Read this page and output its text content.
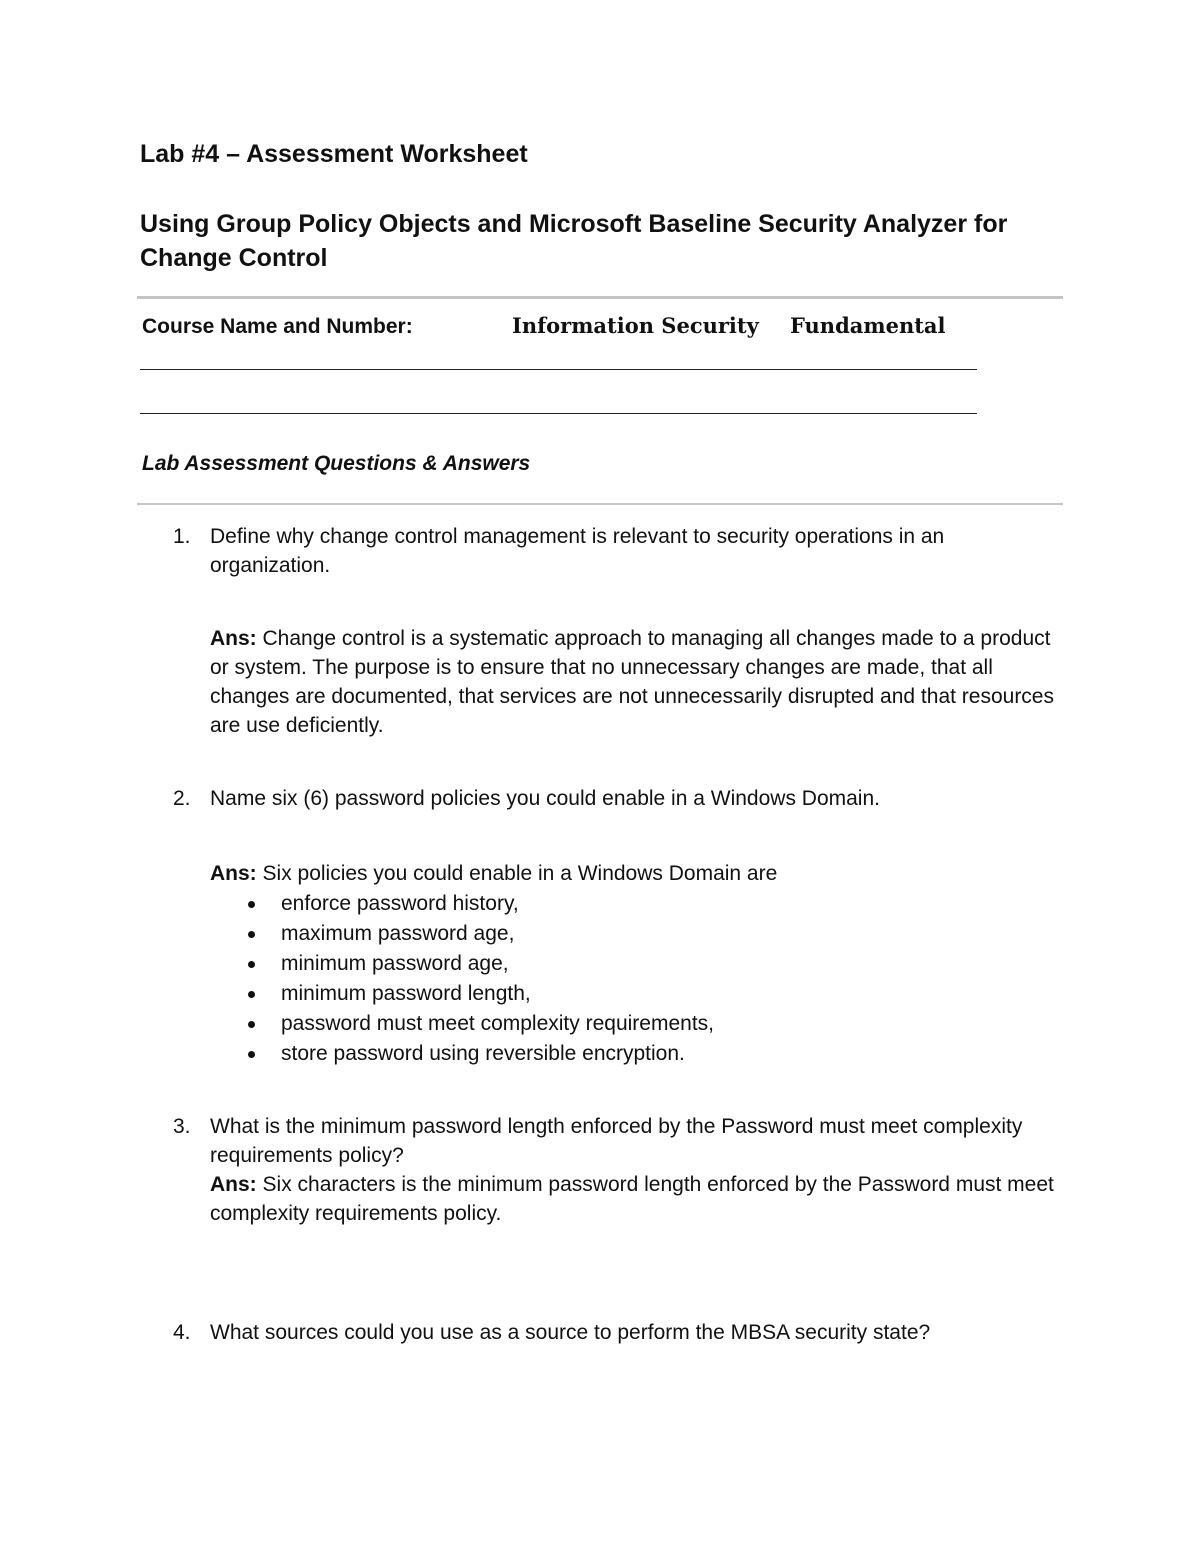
Lab #4 – Assessment Worksheet
Using Group Policy Objects and Microsoft Baseline Security Analyzer for Change Control
Course Name and Number:	Information Security Fundamental
Lab Assessment Questions & Answers
1. Define why change control management is relevant to security operations in an organization.

Ans: Change control is a systematic approach to managing all changes made to a product or system. The purpose is to ensure that no unnecessary changes are made, that all changes are documented, that services are not unnecessarily disrupted and that resources are use deficiently.

2. Name six (6) password policies you could enable in a Windows Domain.

Ans: Six policies you could enable in a Windows Domain are

enforce password history,
maximum password age,
minimum password age,
minimum password length,
password must meet complexity requirements,
store password using reversible encryption.
3. What is the minimum password length enforced by the Password must meet complexity requirements policy?

Ans: Six characters is the minimum password length enforced by the Password must meet complexity requirements policy.

4. What sources could you use as a source to perform the MBSA security state?
